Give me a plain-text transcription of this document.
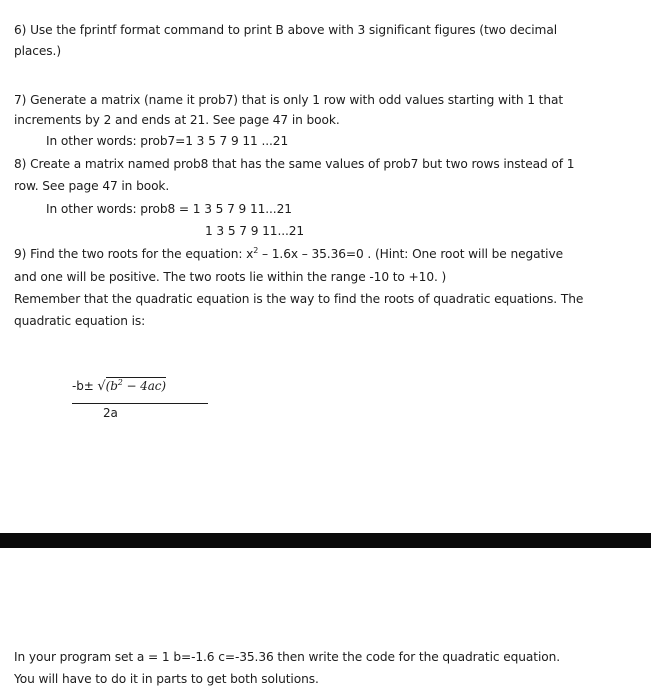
6) Use the fprintf format command to print B above with 3 significant figures (two decimal
places.)
7) Generate a matrix (name it prob7) that is only 1 row with odd values starting with 1 that
increments by 2 and ends at 21. See page 47 in book.
In other words: prob7=1 3 5 7 9 11 ...21
8) Create a matrix named prob8 that has the same values of prob7 but two rows instead of 1
row. See page 47 in book.
In other words: prob8 = 1 3 5 7 9 11...21
1 3 5 7 9 11...21
9) Find the two roots for the equation: $x^2 - 1.6x - 35.36=0$ . (Hint: One root will be negative
and one will be positive. The two roots lie within the range -10 to +10. )
Remember that the quadratic equation is the way to find the roots of quadratic equations. The
quadratic equation is:
$-b\pm √(b^2 - 4ac)$
2a
In your program set a = 1 b=-1.6 c=-35.36 then write the code for the quadratic equation.
You will have to do it in parts to get both solutions.
